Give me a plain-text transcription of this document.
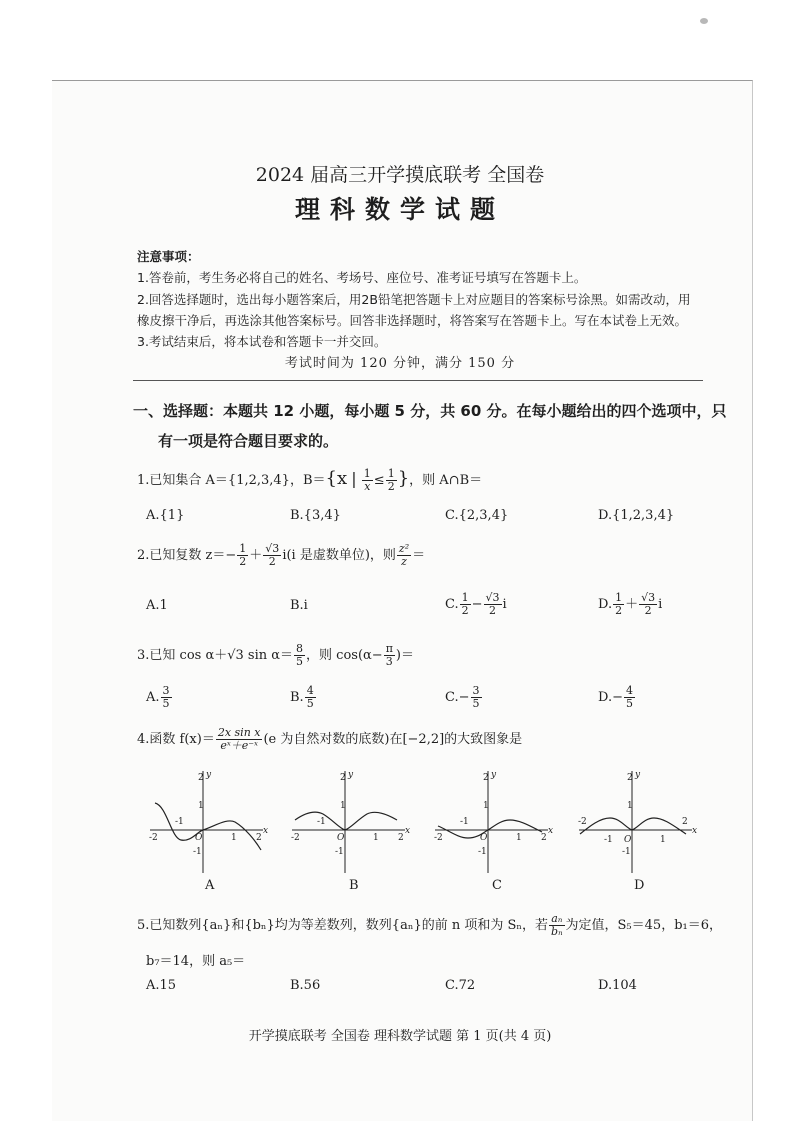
2024 届高三开学摸底联考 全国卷
理科数学试题
注意事项：
1.答卷前，考生务必将自己的姓名、考场号、座位号、准考证号填写在答题卡上。
2.回答选择题时，选出每小题答案后，用2B铅笔把答题卡上对应题目的答案标号涂黑。如需改动，用
橡皮擦干净后，再选涂其他答案标号。回答非选择题时，将答案写在答题卡上。写在本试卷上无效。
3.考试结束后，将本试卷和答题卡一并交回。
考试时间为 120 分钟，满分 150 分
一、选择题：本题共 12 小题，每小题 5 分，共 60 分。在每小题给出的四个选项中，只
有一项是符合题目要求的。
1.已知集合 A＝{1,2,3,4}，B＝{x | $\frac{1}{x} \le \frac{1}{2}$ }，则 A∩B＝
A.{1}	B.{3,4}	C.{2,3,4}	D.{1,2,3,4}
2.已知复数 $z=- \frac{1}{2} + \frac{√3}{2} i(i$ 是虚数单位)，则 $\frac{\text{z²}}{z}$ ＝
A.1	B.i	C. $\frac{1}{2} - \frac{√3}{2}$ i	D. $\frac{1}{2} + \frac{√3}{2}$ i
3.已知 cos α＋√3 $\sin \alpha= \frac{8}{5}$ ，则 $\cos(\alpha- \frac{\pi}{3}$ )＝
A. $\frac{3}{5}$	B. $\frac{4}{5}$	$C.- \frac{3}{5}$	$D.- \frac{4}{5}$
4.函数 $f(x)= \frac{\text{2x sin x}}{\text{eˣ＋e⁻ˣ}} (e$ 为自然对数的底数)在[−2,2]的大致图象是
2
1
-1
-2
-1
1 2
O
y
x
2
1
-1
-2
-1
1 2
O
y
x
2
1
-1
-2
-1
1 2
O
y
x
2
1
-1
-2
-1	1
2
O
y
x
A	B	C	D
5.已知数列{aₙ}和{bₙ}均为等差数列，数列{aₙ}的前 n 项和为 Sₙ，若 $\frac{\text{aₙ}}{\text{bₙ}}$ 为定值，S₅＝45，b₁＝6，
b₇＝14，则 a₅＝
A.15	B.56	C.72	D.104
开学摸底联考 全国卷 理科数学试题 第 1 页(共 4 页)
